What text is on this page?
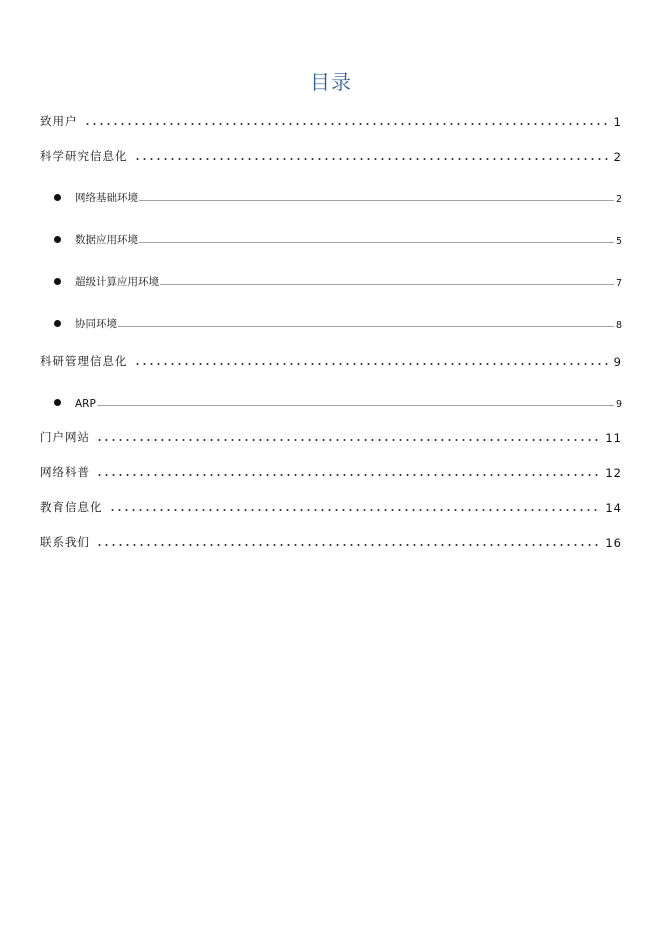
目录
致用户	1
科学研究信息化	2
网络基础环境	2
数据应用环境	5
超级计算应用环境	7
协同环境	8
科研管理信息化	9
ARP	9
门户网站	11
网络科普	12
教育信息化	14
联系我们	16
